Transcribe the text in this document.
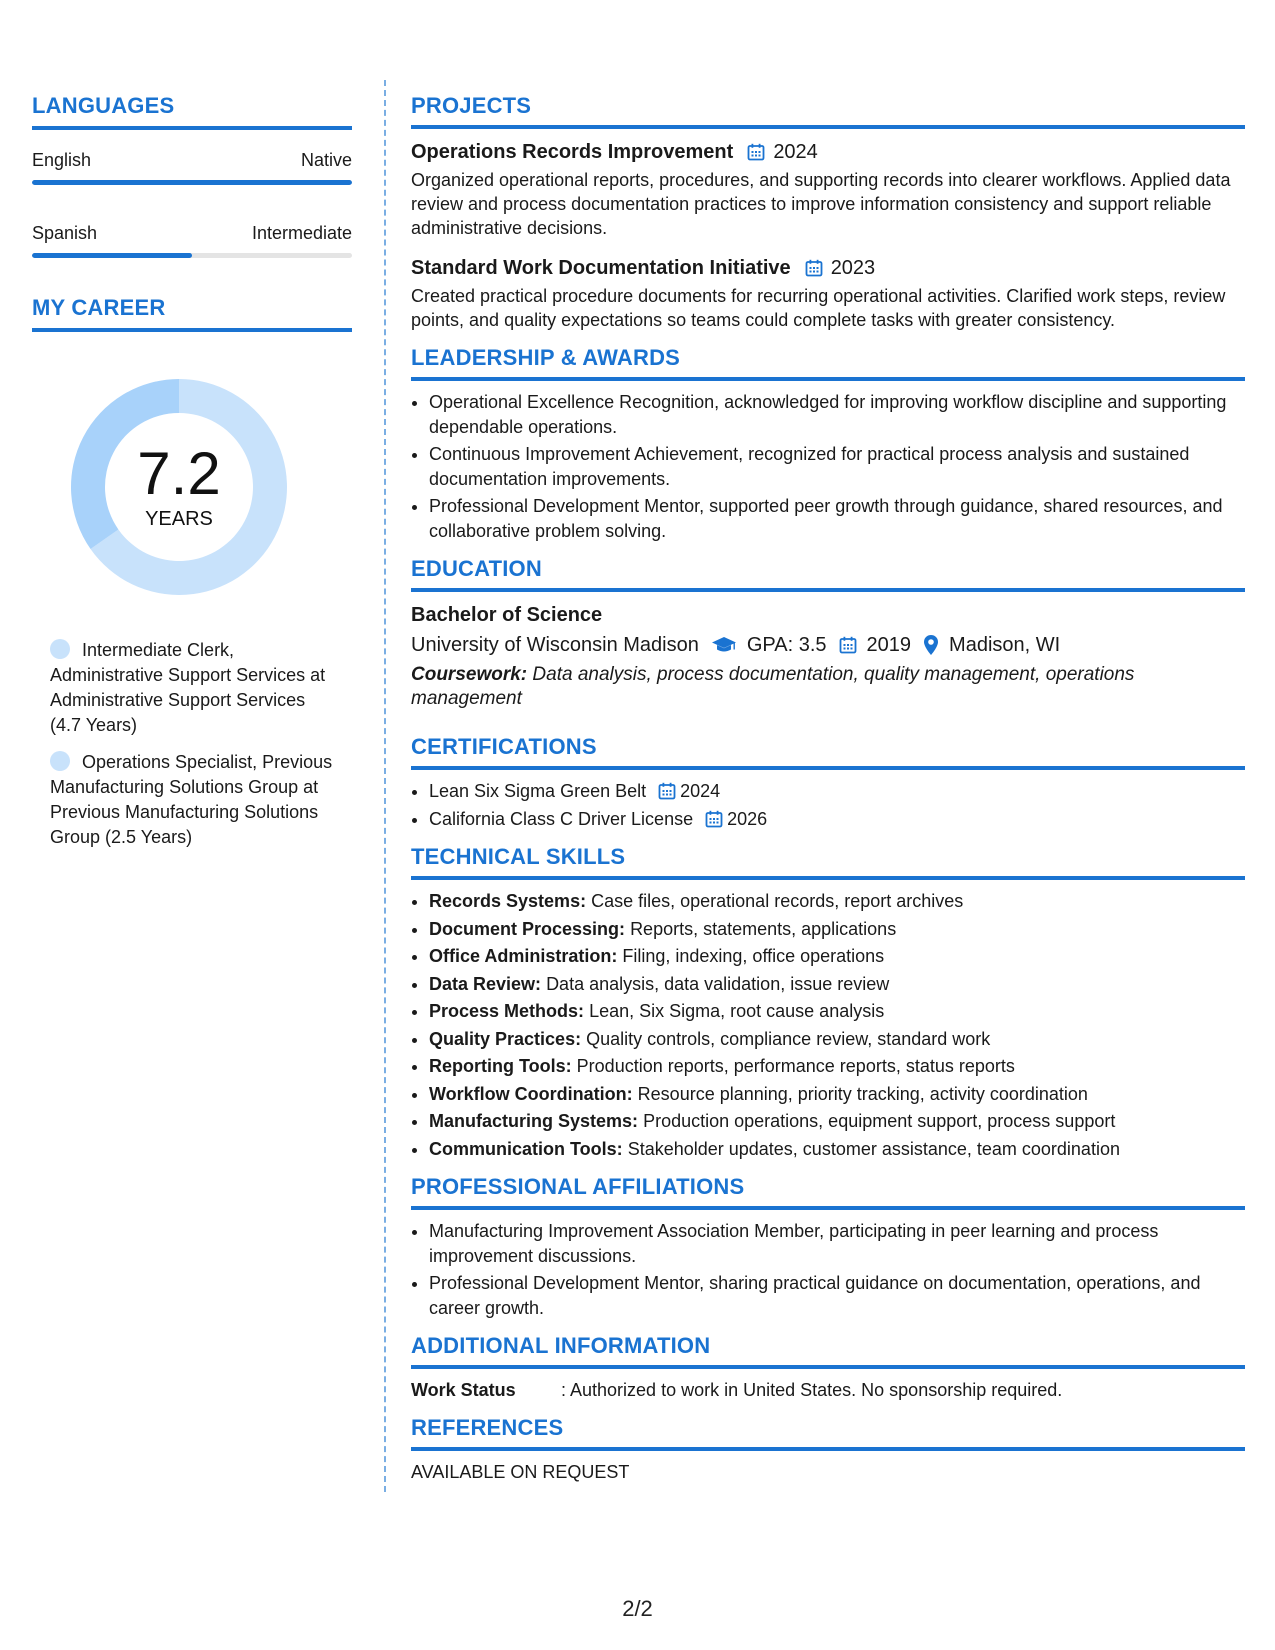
LANGUAGES
English	Native
Spanish	Intermediate
MY CAREER
7.2
YEARS
Intermediate Clerk, Administrative Support Services at Administrative Support Services (4.7 Years)
Operations Specialist, Previous Manufacturing Solutions Group at Previous Manufacturing Solutions Group (2.5 Years)
PROJECTS
Operations Records Improvement 2024
Organized operational reports, procedures, and supporting records into clearer workflows. Applied data review and process documentation practices to improve information consistency and support reliable administrative decisions.
Standard Work Documentation Initiative 2023
Created practical procedure documents for recurring operational activities. Clarified work steps, review points, and quality expectations so teams could complete tasks with greater consistency.
LEADERSHIP & AWARDS
• Operational Excellence Recognition, acknowledged for improving workflow discipline and supporting dependable operations.
• Continuous Improvement Achievement, recognized for practical process analysis and sustained documentation improvements.
• Professional Development Mentor, supported peer growth through guidance, shared resources, and collaborative problem solving.
EDUCATION
Bachelor of Science
University of Wisconsin Madison GPA: 3.5 2019 Madison, WI
Coursework: Data analysis, process documentation, quality management, operations management
CERTIFICATIONS
• Lean Six Sigma Green Belt 2024
• California Class C Driver License 2026
TECHNICAL SKILLS
• Records Systems: Case files, operational records, report archives
• Document Processing: Reports, statements, applications
• Office Administration: Filing, indexing, office operations
• Data Review: Data analysis, data validation, issue review
• Process Methods: Lean, Six Sigma, root cause analysis
• Quality Practices: Quality controls, compliance review, standard work
• Reporting Tools: Production reports, performance reports, status reports
• Workflow Coordination: Resource planning, priority tracking, activity coordination
• Manufacturing Systems: Production operations, equipment support, process support
• Communication Tools: Stakeholder updates, customer assistance, team coordination
PROFESSIONAL AFFILIATIONS
• Manufacturing Improvement Association Member, participating in peer learning and process improvement discussions.
• Professional Development Mentor, sharing practical guidance on documentation, operations, and career growth.
ADDITIONAL INFORMATION
Work Status	: Authorized to work in United States. No sponsorship required.
REFERENCES
AVAILABLE ON REQUEST
2/2
